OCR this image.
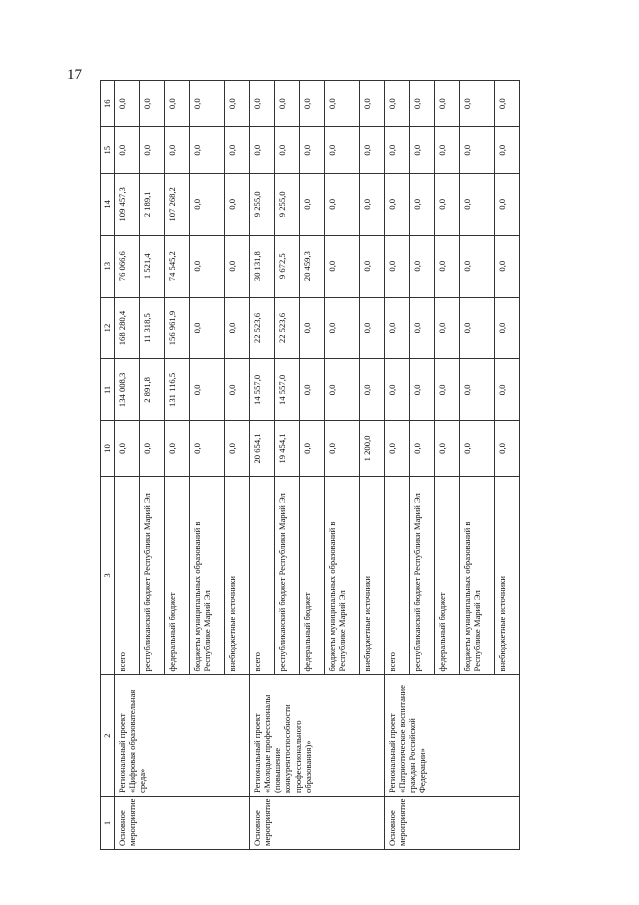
17
1	2	3	10	11	12	13	14	15	16
Основное мероприятие	Региональный проект «Цифровая образовательная среда»	всего	0,0	134 008,3	168 280,4	76 066,6	109 457,3	0,0	0,0
		республиканский бюджет Республики Марий Эл	0,0	2 891,8	11 318,5	1 521,4	2 189,1	0,0	0,0
		федеральный бюджет	0,0	131 116,5	156 961,9	74 545,2	107 268,2	0,0	0,0
		бюджеты муниципальных образований в Республике Марий Эл	0,0	0,0	0,0	0,0	0,0	0,0	0,0
		внебюджетные источники	0,0	0,0	0,0	0,0	0,0	0,0	0,0
Основное мероприятие	Региональный проект «Молодые профессионалы (повышение конкурентоспособности профессионального образования)»	всего	20 654,1	14 557,0	22 523,6	30 131,8	9 255,0	0,0	0,0
		республиканский бюджет Республики Марий Эл	19 454,1	14 557,0	22 523,6	9 672,5	9 255,0	0,0	0,0
		федеральный бюджет	0,0	0,0	0,0	20 459,3	0,0	0,0	0,0
		бюджеты муниципальных образований в Республике Марий Эл	0,0	0,0	0,0	0,0	0,0	0,0	0,0
		внебюджетные источники	1 200,0	0,0	0,0	0,0	0,0	0,0	0,0
Основное мероприятие	Региональный проект «Патриотическое воспитание граждан Российской Федерации»	всего	0,0	0,0	0,0	0,0	0,0	0,0	0,0
		республиканский бюджет Республики Марий Эл	0,0	0,0	0,0	0,0	0,0	0,0	0,0
		федеральный бюджет	0,0	0,0	0,0	0,0	0,0	0,0	0,0
		бюджеты муниципальных образований в Республике Марий Эл	0,0	0,0	0,0	0,0	0,0	0,0	0,0
		внебюджетные источники	0,0	0,0	0,0	0,0	0,0	0,0	0,0
